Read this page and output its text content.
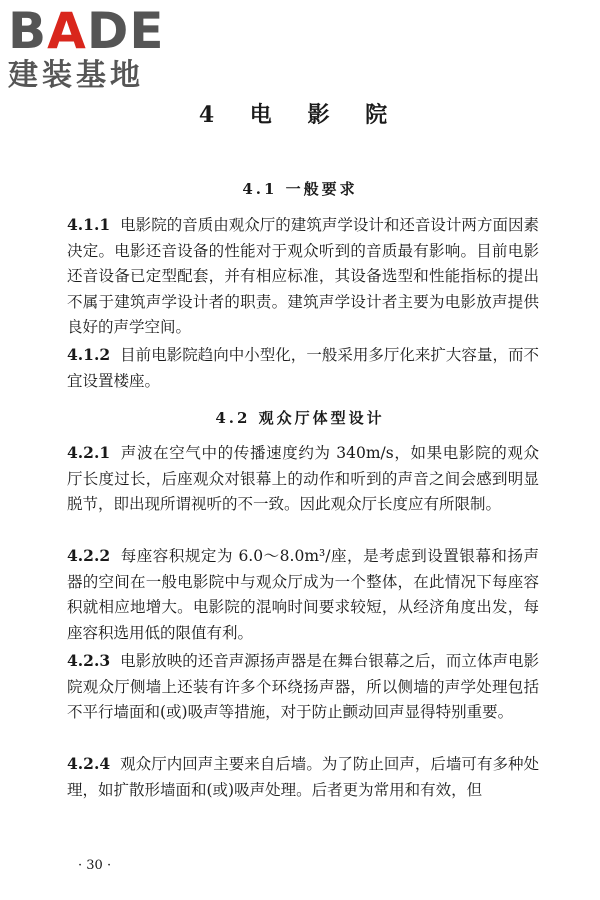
BADE
建装基地
4 电 影 院
4.1 一般要求

4.1.1 电影院的音质由观众厅的建筑声学设计和还音设计两方面因素决定。电影还音设备的性能对于观众听到的音质最有影响。目前电影还音设备已定型配套，并有相应标准，其设备选型和性能指标的提出不属于建筑声学设计者的职责。建筑声学设计者主要为电影放声提供良好的声学空间。

4.1.2 目前电影院趋向中小型化，一般采用多厅化来扩大容量，而不宜设置楼座。

4.2 观众厅体型设计

4.2.1 声波在空气中的传播速度约为 340m/s，如果电影院的观众厅长度过长，后座观众对银幕上的动作和听到的声音之间会感到明显脱节，即出现所谓视听的不一致。因此观众厅长度应有所限制。

4.2.2 每座容积规定为 6.0～8.0m³/座，是考虑到设置银幕和扬声器的空间在一般电影院中与观众厅成为一个整体，在此情况下每座容积就相应地增大。电影院的混响时间要求较短，从经济角度出发，每座容积选用低的限值有利。

4.2.3 电影放映的还音声源扬声器是在舞台银幕之后，而立体声电影院观众厅侧墙上还装有许多个环绕扬声器，所以侧墙的声学处理包括不平行墙面和(或)吸声等措施，对于防止颤动回声显得特别重要。

4.2.4 观众厅内回声主要来自后墙。为了防止回声，后墙可有多种处理，如扩散形墙面和(或)吸声处理。后者更为常用和有效，但

· 30 ·
